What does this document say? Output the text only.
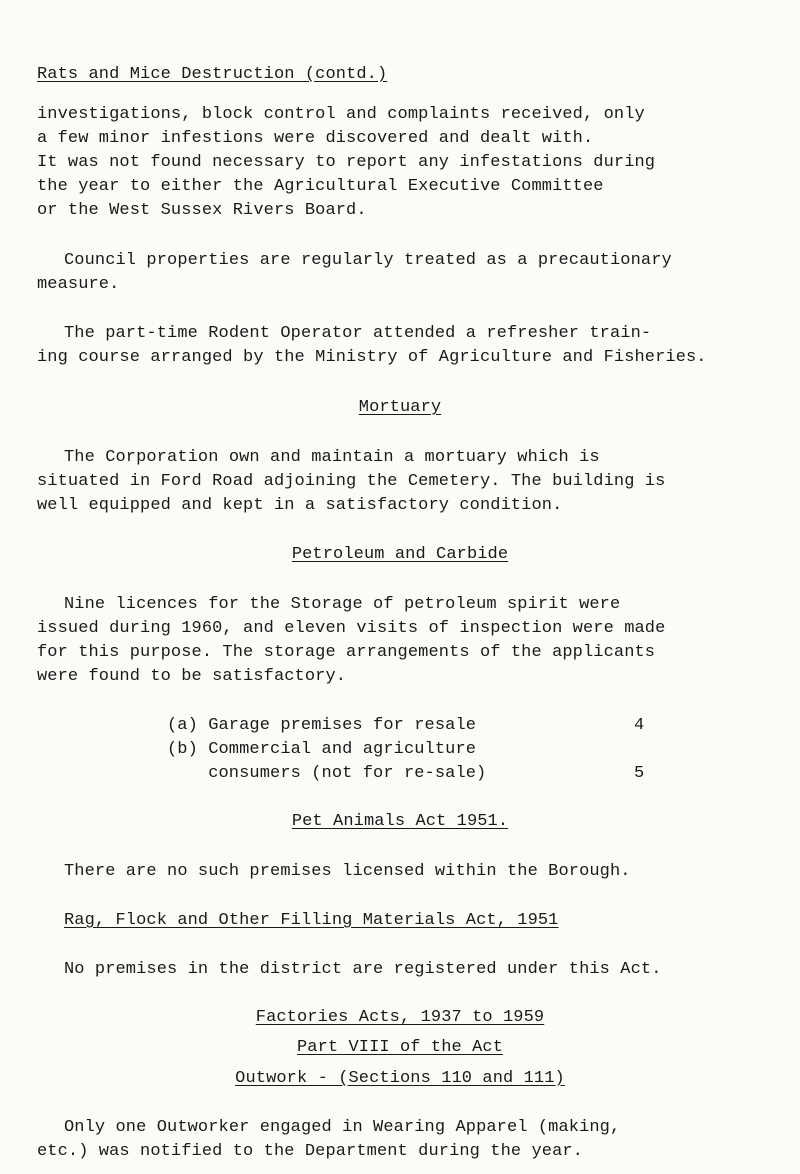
Rats and Mice Destruction (contd.)
investigations, block control and complaints received, only
a few minor infestions were discovered and dealt with.
It was not found necessary to report any infestations during
the year to either the Agricultural Executive Committee
or the West Sussex Rivers Board.
Council properties are regularly treated as a precautionary
measure.
The part-time Rodent Operator attended a refresher train-
ing course arranged by the Ministry of Agriculture and Fisheries.
Mortuary
The Corporation own and maintain a mortuary which is
situated in Ford Road adjoining the Cemetery. The building is
well equipped and kept in a satisfactory condition.
Petroleum and Carbide
Nine licences for the Storage of petroleum spirit were
issued during 1960, and eleven visits of inspection were made
for this purpose. The storage arrangements of the applicants
were found to be satisfactory.
(a) Garage premises for resale	4
(b) Commercial and agriculture
consumers (not for re-sale)	5
Pet Animals Act 1951.
There are no such premises licensed within the Borough.
Rag, Flock and Other Filling Materials Act, 1951
No premises in the district are registered under this Act.
Factories Acts, 1937 to 1959
Part VIII of the Act
Outwork - (Sections 110 and 111)
Only one Outworker engaged in Wearing Apparel (making,
etc.) was notified to the Department during the year.
